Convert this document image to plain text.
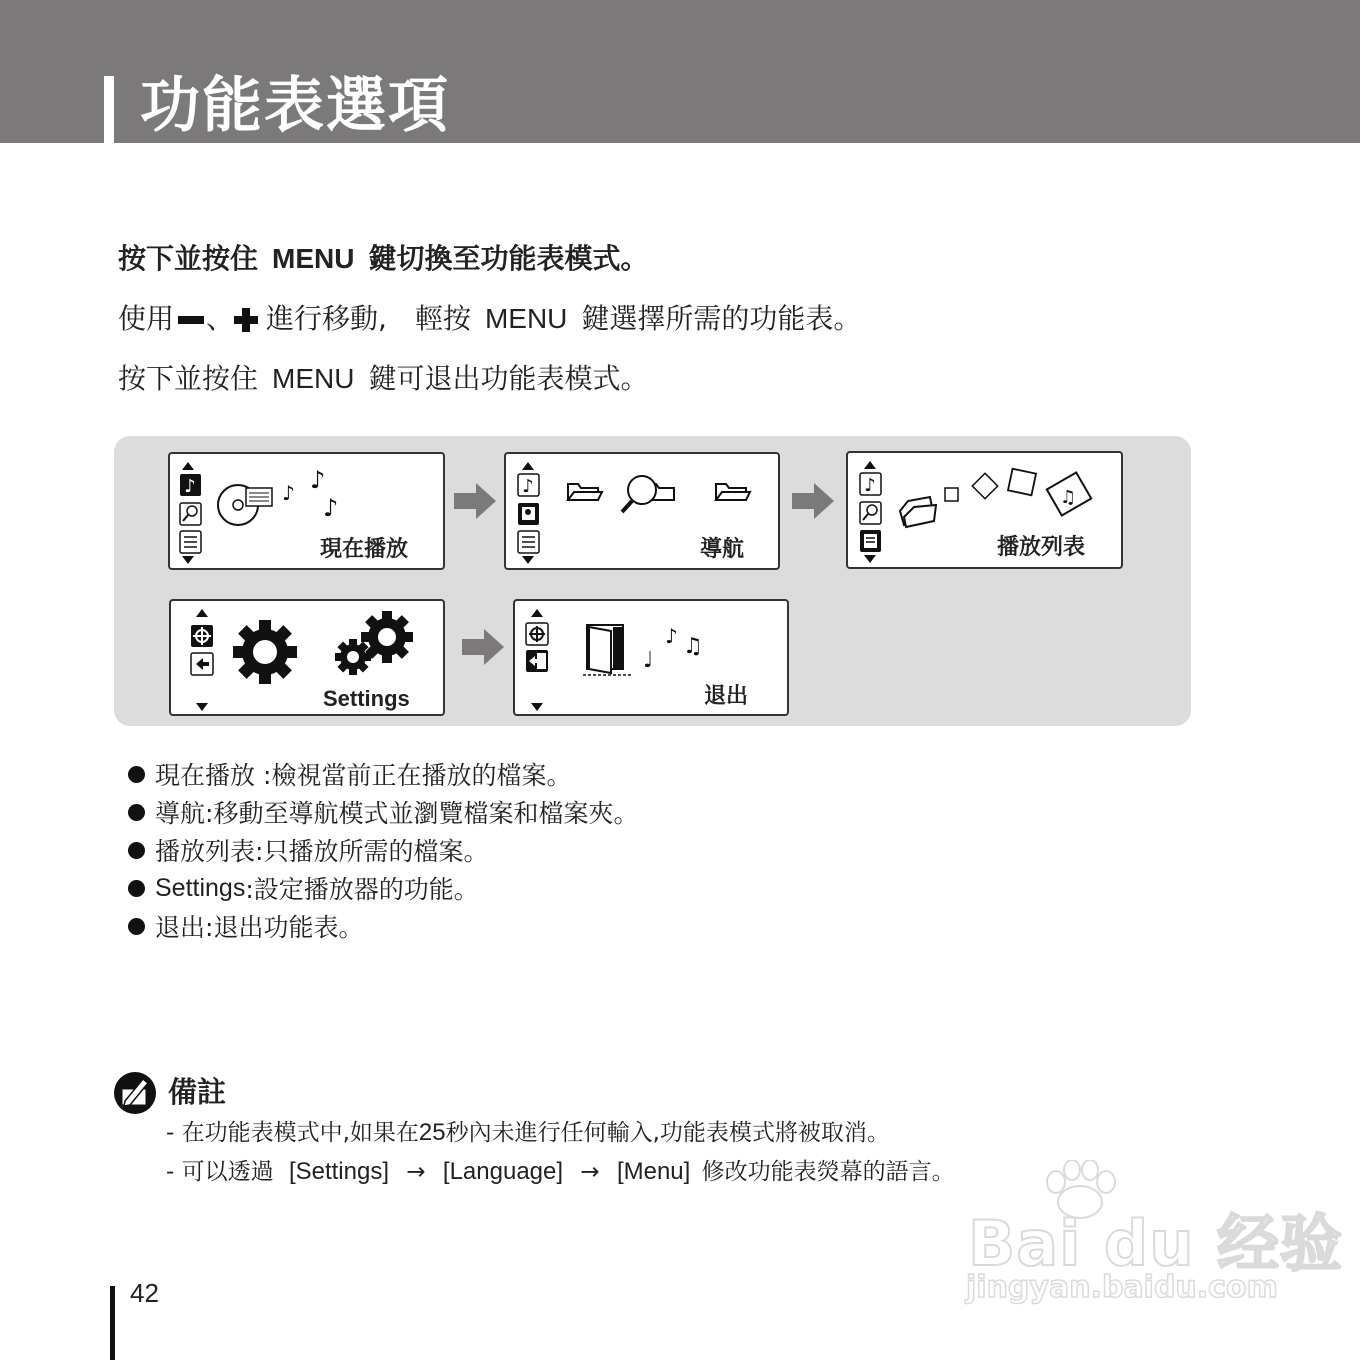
功能表選項
按下並按住 MENU 鍵切換至功能表模式。
使用 、 進行移動, 輕按 MENU 鍵選擇所需的功能表。
按下並按住 MENU 鍵可退出功能表模式。
♪	♪ ♪
♪
現在播放
♪
導航
♪
♫
播放列表
Settings
♩
♪ ♫
退出
現在播放 :檢視當前正在播放的檔案。
導航 :移動至導航模式並瀏覽檔案和檔案夾。
播放列表 :只播放所需的檔案。
Settings :設定播放器的功能。
退出 :退出功能表。
備註
- 在功能表模式中,如果在25秒內未進行任何輸入,功能表模式將被取消。
- 可以透過 [Settings] → [Language] → [Menu] 修改功能表熒幕的語言。
42
Bai du 经验
jingyan.baidu.com
